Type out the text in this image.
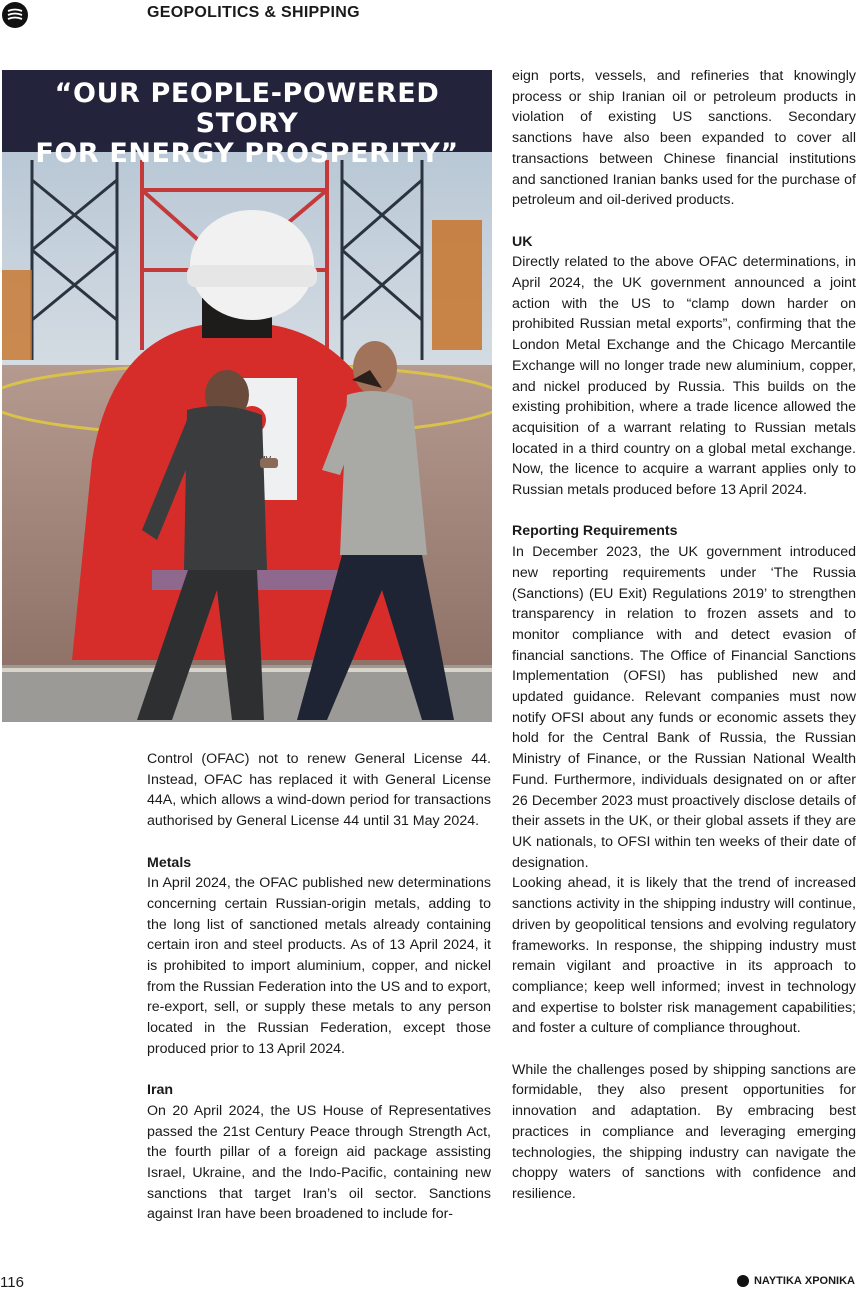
GEOPOLITICS & SHIPPING
“OUR PEOPLE-POWERED STORY
FOR ENERGY PROSPERITY”

Control (OFAC) not to renew General License 44. Instead, OFAC has replaced it with General License 44A, which allows a wind-down period for transactions authorised by General License 44 until 31 May 2024.

Metals

In April 2024, the OFAC published new determinations concerning certain Russian-origin metals, adding to the long list of sanctioned metals already containing certain iron and steel products. As of 13 April 2024, it is prohibited to import aluminium, copper, and nickel from the Russian Federation into the US and to export, re-export, sell, or supply these metals to any person located in the Russian Federation, except those produced prior to 13 April 2024.

Iran

On 20 April 2024, the US House of Representatives passed the 21st Century Peace through Strength Act, the fourth pillar of a foreign aid package assisting Israel, Ukraine, and the Indo-Pacific, containing new sanctions that target Iran’s oil sector. Sanctions against Iran have been broadened to include for-

eign ports, vessels, and refineries that knowingly process or ship Iranian oil or petroleum products in violation of existing US sanctions. Secondary sanctions have also been expanded to cover all transactions between Chinese financial institutions and sanctioned Iranian banks used for the purchase of petroleum and oil-derived products.

UK

Directly related to the above OFAC determinations, in April 2024, the UK government announced a joint action with the US to “clamp down harder on prohibited Russian metal exports”, confirming that the London Metal Exchange and the Chicago Mercantile Exchange will no longer trade new aluminium, copper, and nickel produced by Russia. This builds on the existing prohibition, where a trade licence allowed the acquisition of a warrant relating to Russian metals located in a third country on a global metal exchange. Now, the licence to acquire a warrant applies only to Russian metals produced before 13 April 2024.

Reporting Requirements

In December 2023, the UK government introduced new reporting requirements under ‘The Russia (Sanctions) (EU Exit) Regulations 2019’ to strengthen transparency in relation to frozen assets and to monitor compliance with and detect evasion of financial sanctions. The Office of Financial Sanctions Implementation (OFSI) has published new and updated guidance. Relevant companies must now notify OFSI about any funds or economic assets they hold for the Central Bank of Russia, the Russian Ministry of Finance, or the Russian National Wealth Fund. Furthermore, individuals designated on or after 26 December 2023 must proactively disclose details of their assets in the UK, or their global assets if they are UK nationals, to OFSI within ten weeks of their date of designation.

Looking ahead, it is likely that the trend of increased sanctions activity in the shipping industry will continue, driven by geopolitical tensions and evolving regulatory frameworks. In response, the shipping industry must remain vigilant and proactive in its approach to compliance; keep well informed; invest in technology and expertise to bolster risk management capabilities; and foster a culture of compliance throughout.

While the challenges posed by shipping sanctions are formidable, they also present opportunities for innovation and adaptation. By embracing best practices in compliance and leveraging emerging technologies, the shipping industry can navigate the choppy waters of sanctions with confidence and resilience.

116	ΝΑΥΤΙΚΑ ΧΡΟΝΙΚΑ
